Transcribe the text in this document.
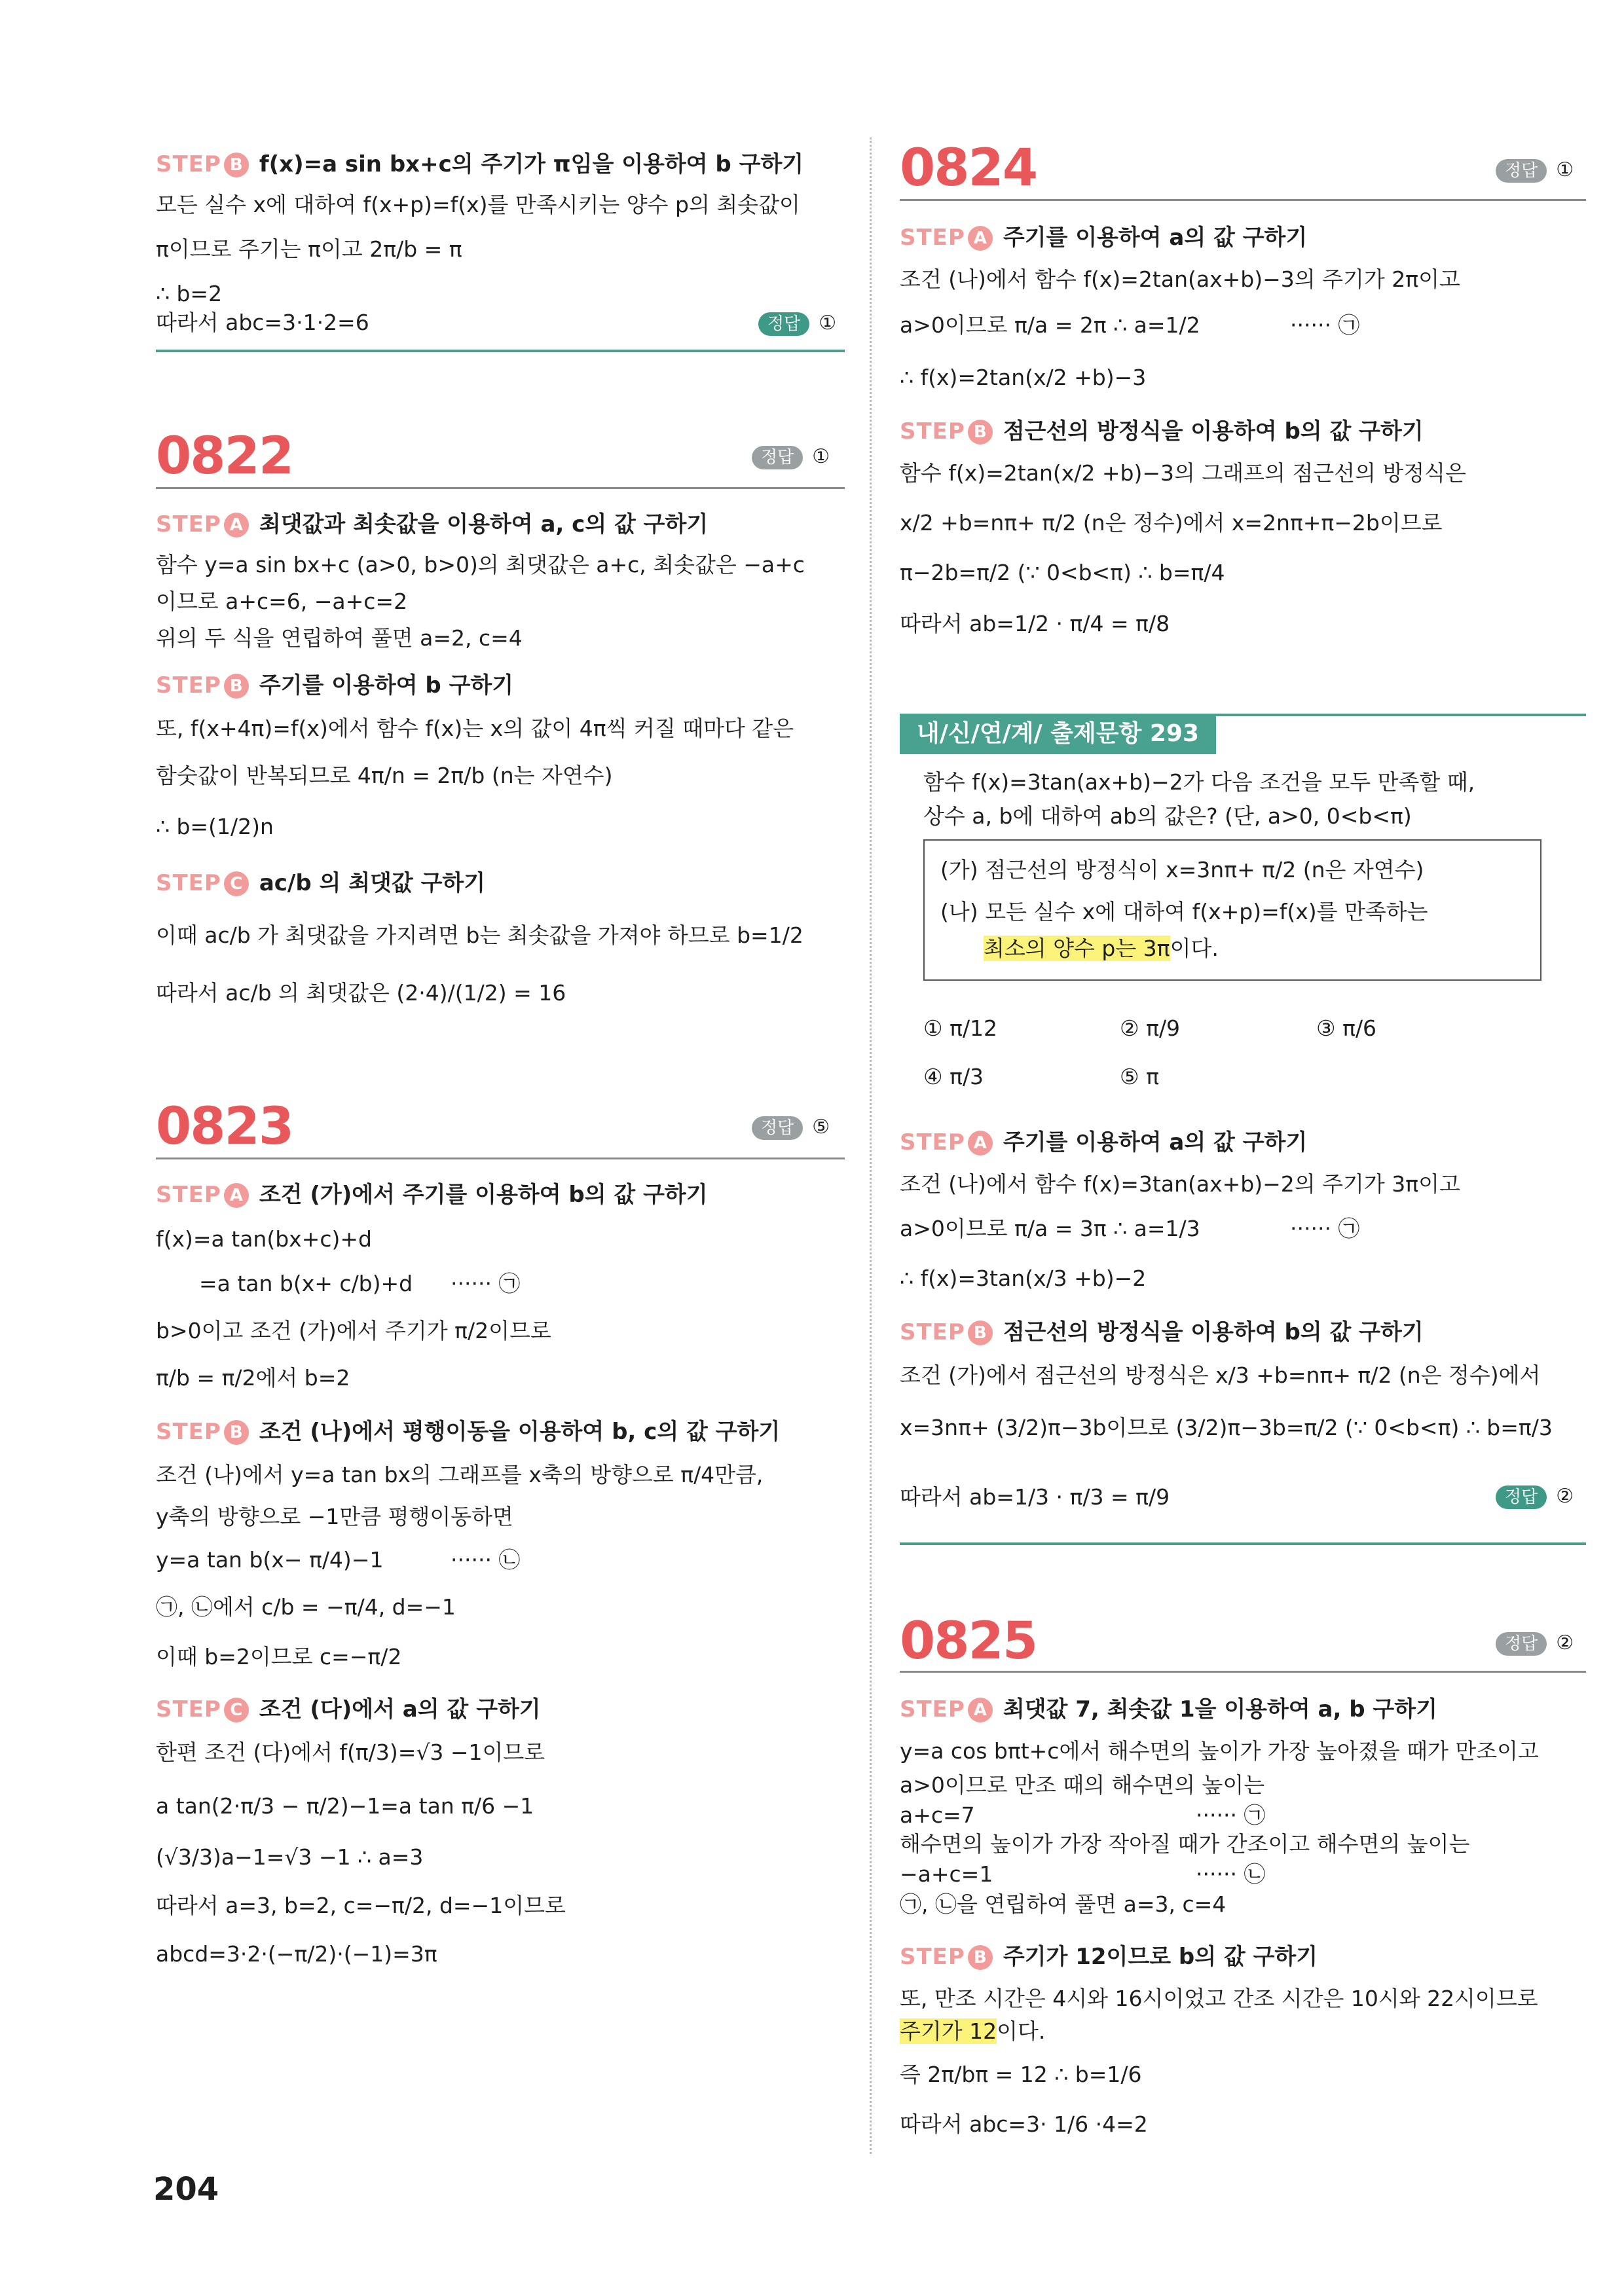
STEP B f(x)=a sin bx+c의 주기가 π임을 이용하여 b 구하기
모든 실수 x에 대하여 f(x+p)=f(x)를 만족시키는 양수 p의 최솟값이
π이므로 주기는 π이고 2π/b = π
∴ b=2
따라서 abc=3·1·2=6	정답 ①
0822	정답 ①
STEP A 최댓값과 최솟값을 이용하여 a, c의 값 구하기
함수 y=a sin bx+c (a>0, b>0)의 최댓값은 a+c, 최솟값은 −a+c
이므로 a+c=6, −a+c=2
위의 두 식을 연립하여 풀면 a=2, c=4
STEP B 주기를 이용하여 b 구하기
또, f(x+4π)=f(x)에서 함수 f(x)는 x의 값이 4π씩 커질 때마다 같은
함숫값이 반복되므로 4π/n = 2π/b (n는 자연수)
∴ b=(1/2)n
STEP C ac/b 의 최댓값 구하기
이때 ac/b 가 최댓값을 가지려면 b는 최솟값을 가져야 하므로 b=1/2
따라서 ac/b 의 최댓값은 (2·4)/(1/2) = 16
0823	정답 ⑤
STEP A 조건 (가)에서 주기를 이용하여 b의 값 구하기
f(x)=a tan(bx+c)+d
=a tan b(x+ c/b)+d ······ ㉠
b>0이고 조건 (가)에서 주기가 π/2이므로
π/b = π/2에서 b=2
STEP B 조건 (나)에서 평행이동을 이용하여 b, c의 값 구하기
조건 (나)에서 y=a tan bx의 그래프를 x축의 방향으로 π/4만큼,
y축의 방향으로 −1만큼 평행이동하면
y=a tan b(x− π/4)−1	······ ㉡
㉠, ㉡에서 c/b = −π/4, d=−1
이때 b=2이므로 c=−π/2
STEP C 조건 (다)에서 a의 값 구하기
한편 조건 (다)에서 f(π/3)=√3 −1이므로
a tan(2·π/3 − π/2)−1=a tan π/6 −1
(√3/3)a−1=√3 −1 ∴ a=3
따라서 a=3, b=2, c=−π/2, d=−1이므로
abcd=3·2·(−π/2)·(−1)=3π
0824	정답 ①
STEP A 주기를 이용하여 a의 값 구하기
조건 (나)에서 함수 f(x)=2tan(ax+b)−3의 주기가 2π이고
a>0이므로 π/a = 2π ∴ a=1/2	······ ㉠
∴ f(x)=2tan(x/2 +b)−3
STEP B 점근선의 방정식을 이용하여 b의 값 구하기
함수 f(x)=2tan(x/2 +b)−3의 그래프의 점근선의 방정식은
x/2 +b=nπ+ π/2 (n은 정수)에서 x=2nπ+π−2b이므로
π−2b=π/2 (∵ 0<b<π) ∴ b=π/4
따라서 ab=1/2 · π/4 = π/8
내/신/연/계/ 출제문항 293
함수 f(x)=3tan(ax+b)−2가 다음 조건을 모두 만족할 때,
상수 a, b에 대하여 ab의 값은? (단, a>0, 0<b<π)
(가) 점근선의 방정식이 x=3nπ+ π/2 (n은 자연수)
(나) 모든 실수 x에 대하여 f(x+p)=f(x)를 만족하는
최소의 양수 p는 3π이다.
① π/12	② π/9	③ π/6
④ π/3	⑤ π
STEP A 주기를 이용하여 a의 값 구하기
조건 (나)에서 함수 f(x)=3tan(ax+b)−2의 주기가 3π이고
a>0이므로 π/a = 3π ∴ a=1/3	······ ㉠
∴ f(x)=3tan(x/3 +b)−2
STEP B 점근선의 방정식을 이용하여 b의 값 구하기
조건 (가)에서 점근선의 방정식은 x/3 +b=nπ+ π/2 (n은 정수)에서
x=3nπ+ (3/2)π−3b이므로 (3/2)π−3b=π/2 (∵ 0<b<π) ∴ b=π/3
따라서 ab=1/3 · π/3 = π/9	정답 ②
0825	정답 ②
STEP A 최댓값 7, 최솟값 1을 이용하여 a, b 구하기
y=a cos bπt+c에서 해수면의 높이가 가장 높아졌을 때가 만조이고
a>0이므로 만조 때의 해수면의 높이는
a+c=7	······ ㉠
해수면의 높이가 가장 작아질 때가 간조이고 해수면의 높이는
−a+c=1	······ ㉡
㉠, ㉡을 연립하여 풀면 a=3, c=4
STEP B 주기가 12이므로 b의 값 구하기
또, 만조 시간은 4시와 16시이었고 간조 시간은 10시와 22시이므로
주기가 12이다.
즉 2π/bπ = 12 ∴ b=1/6
따라서 abc=3· 1/6 ·4=2
204
